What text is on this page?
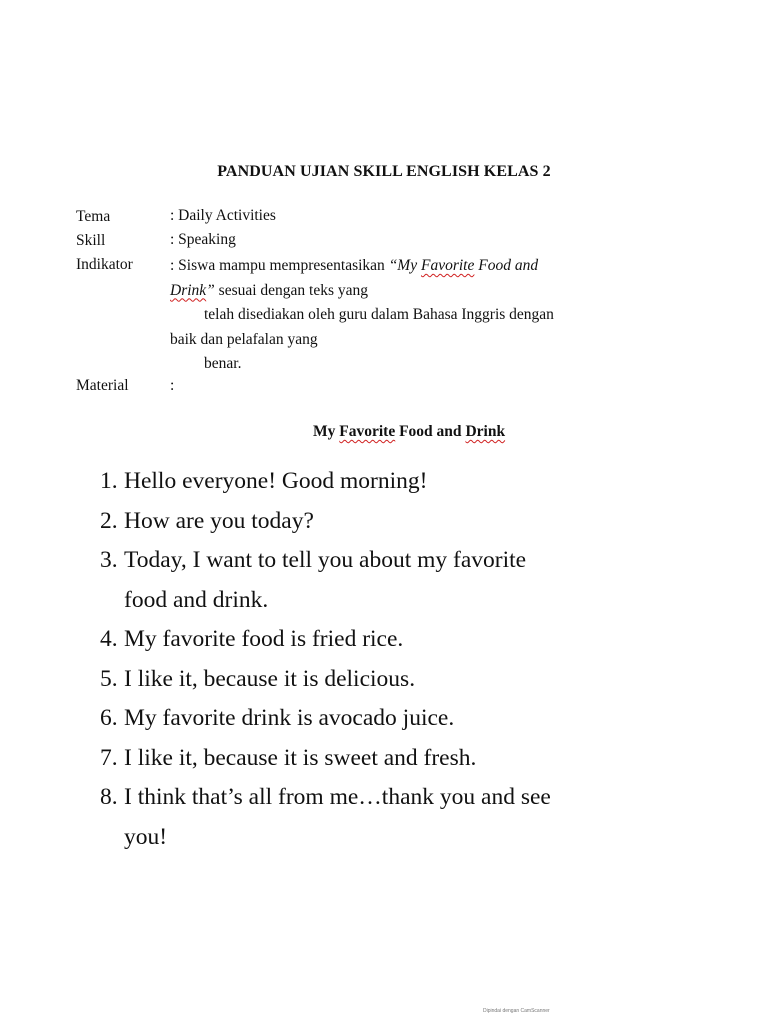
PANDUAN UJIAN SKILL ENGLISH KELAS 2
Tema	: Daily Activities
Skill	: Speaking
Indikator : Siswa mampu mempresentasikan “My Favorite Food and
Drink” sesuai dengan teks yang
telah disediakan oleh guru dalam Bahasa Inggris dengan
baik dan pelafalan yang
benar.
Material	:
My Favorite Food and Drink
1. Hello everyone! Good morning!
2. How are you today?
3. Today, I want to tell you about my favorite
food and drink.
4. My favorite food is fried rice.
5. I like it, because it is delicious.
6. My favorite drink is avocado juice.
7. I like it, because it is sweet and fresh.
8. I think that’s all from me…thank you and see
you!
Dipindai dengan CamScanner
